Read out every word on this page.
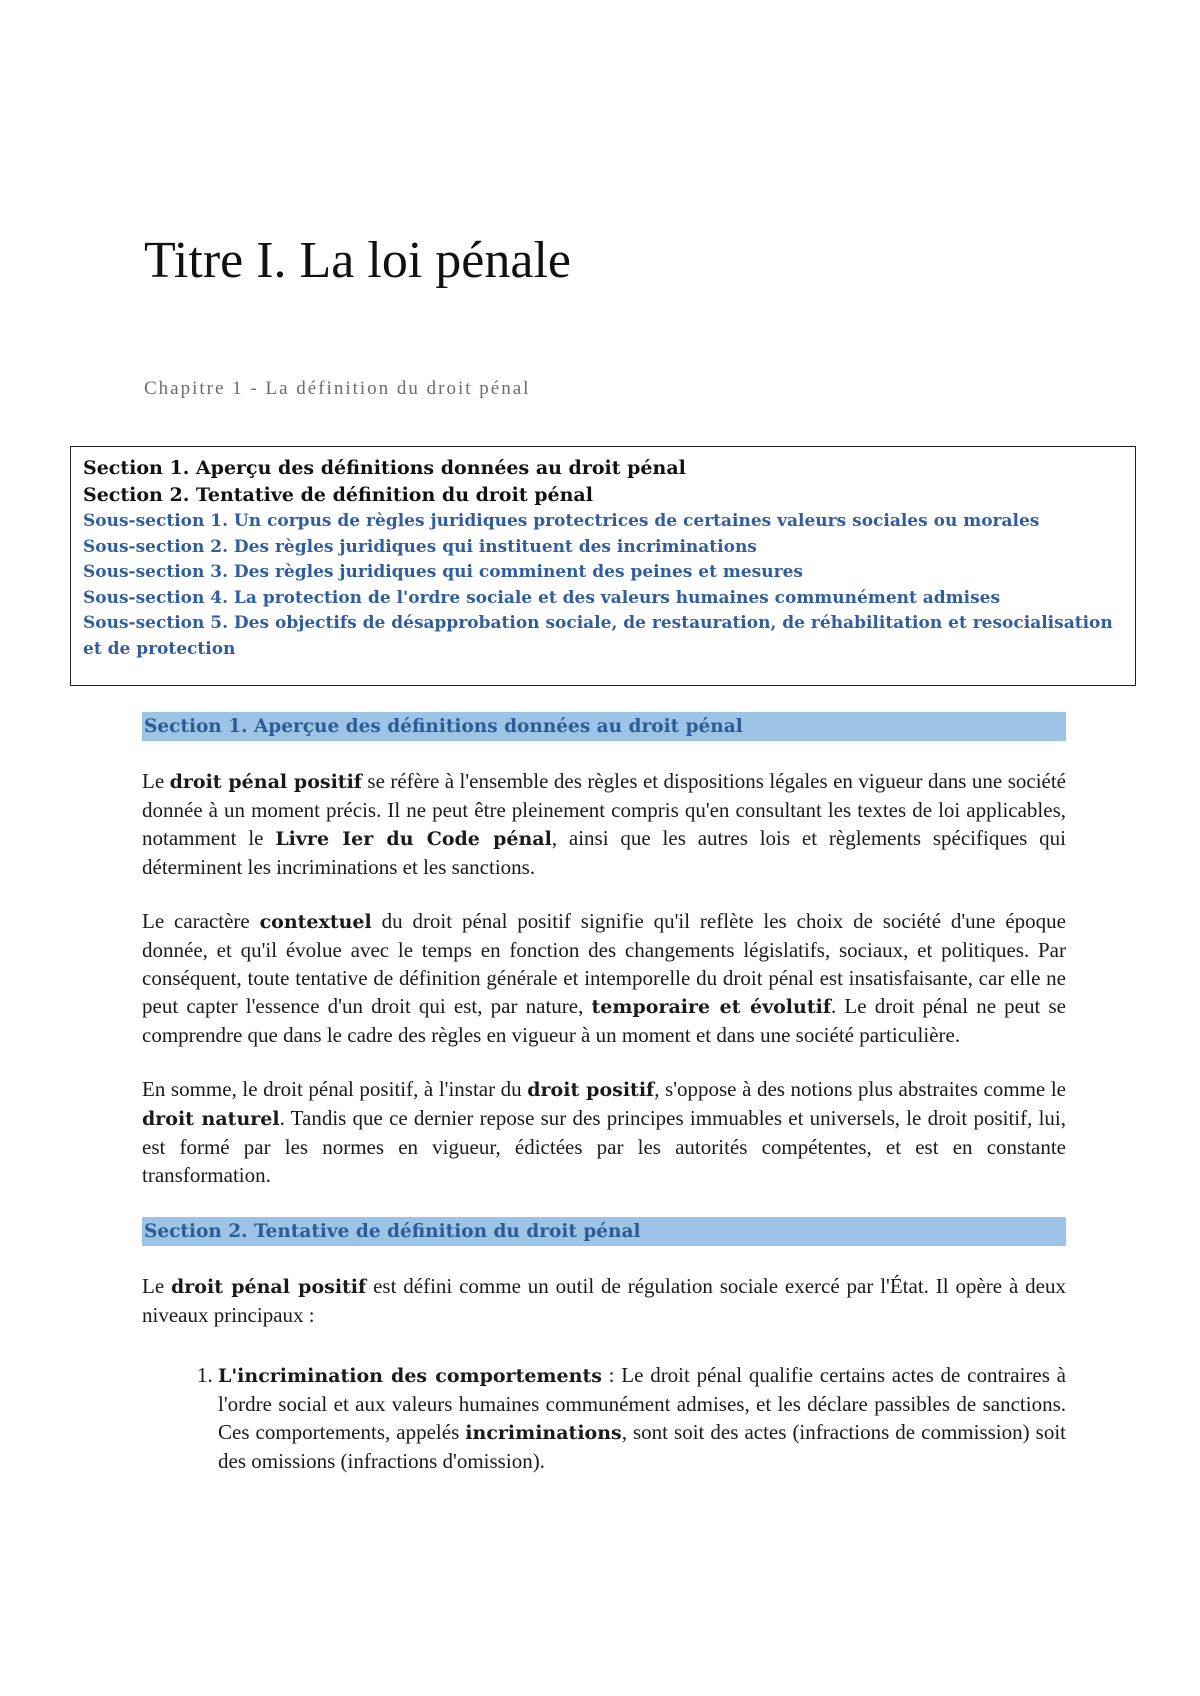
Titre I. La loi pénale
Chapitre 1 - La définition du droit pénal
Section 1. Aperçu des définitions données au droit pénal
Section 2. Tentative de définition du droit pénal
Sous-section 1. Un corpus de règles juridiques protectrices de certaines valeurs sociales ou morales
Sous-section 2. Des règles juridiques qui instituent des incriminations
Sous-section 3. Des règles juridiques qui comminent des peines et mesures
Sous-section 4. La protection de l'ordre sociale et des valeurs humaines communément admises
Sous-section 5. Des objectifs de désapprobation sociale, de restauration, de réhabilitation et resocialisation et de protection
Section 1. Aperçue des définitions données au droit pénal

Le droit pénal positif se réfère à l'ensemble des règles et dispositions légales en vigueur dans une société donnée à un moment précis. Il ne peut être pleinement compris qu'en consultant les textes de loi applicables, notamment le Livre Ier du Code pénal, ainsi que les autres lois et règlements spécifiques qui déterminent les incriminations et les sanctions.

Le caractère contextuel du droit pénal positif signifie qu'il reflète les choix de société d'une époque donnée, et qu'il évolue avec le temps en fonction des changements législatifs, sociaux, et politiques. Par conséquent, toute tentative de définition générale et intemporelle du droit pénal est insatisfaisante, car elle ne peut capter l'essence d'un droit qui est, par nature, temporaire et évolutif. Le droit pénal ne peut se comprendre que dans le cadre des règles en vigueur à un moment et dans une société particulière.

En somme, le droit pénal positif, à l'instar du droit positif, s'oppose à des notions plus abstraites comme le droit naturel. Tandis que ce dernier repose sur des principes immuables et universels, le droit positif, lui, est formé par les normes en vigueur, édictées par les autorités compétentes, et est en constante transformation.

Section 2. Tentative de définition du droit pénal

Le droit pénal positif est défini comme un outil de régulation sociale exercé par l'État. Il opère à deux niveaux principaux :

1. L'incrimination des comportements : Le droit pénal qualifie certains actes de contraires à l'ordre social et aux valeurs humaines communément admises, et les déclare passibles de sanctions. Ces comportements, appelés incriminations, sont soit des actes (infractions de commission) soit des omissions (infractions d'omission).
